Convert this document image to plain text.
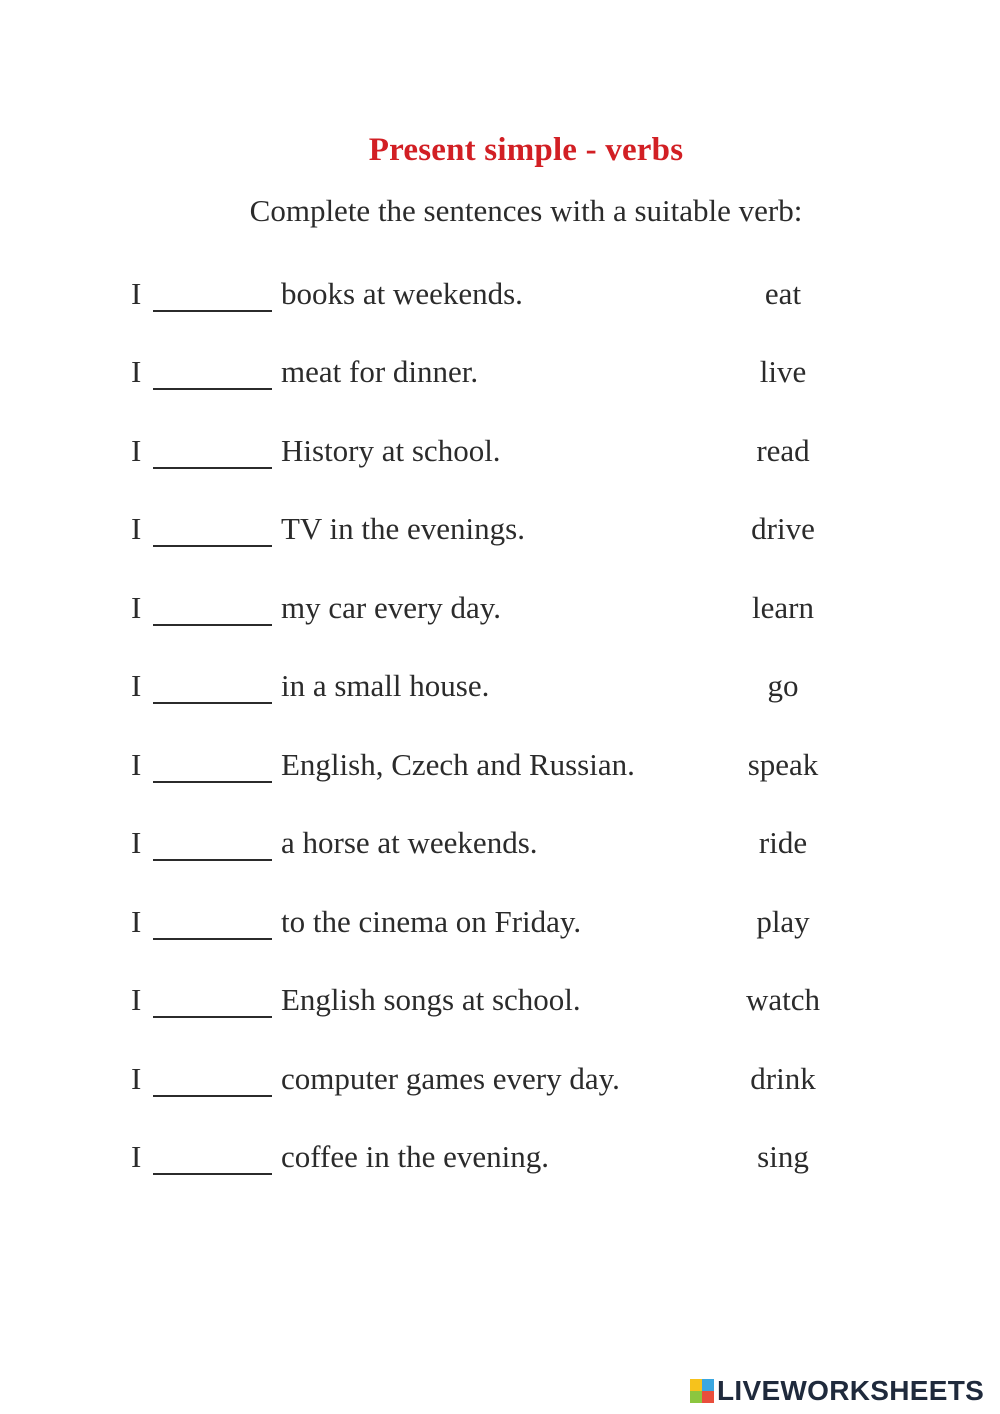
Present simple - verbs

Complete the sentences with a suitable verb:

I	books at weekends.	eat
I	meat for dinner.	live
I	History at school.	read
I	TV in the evenings.	drive
I	my car every day.	learn
I	in a small house.	go
I	English, Czech and Russian.	speak
I	a horse at weekends.	ride
I	to the cinema on Friday.	play
I	English songs at school.	watch
I	computer games every day.	drink
I	coffee in the evening.	sing
LIVEWORKSHEETS
